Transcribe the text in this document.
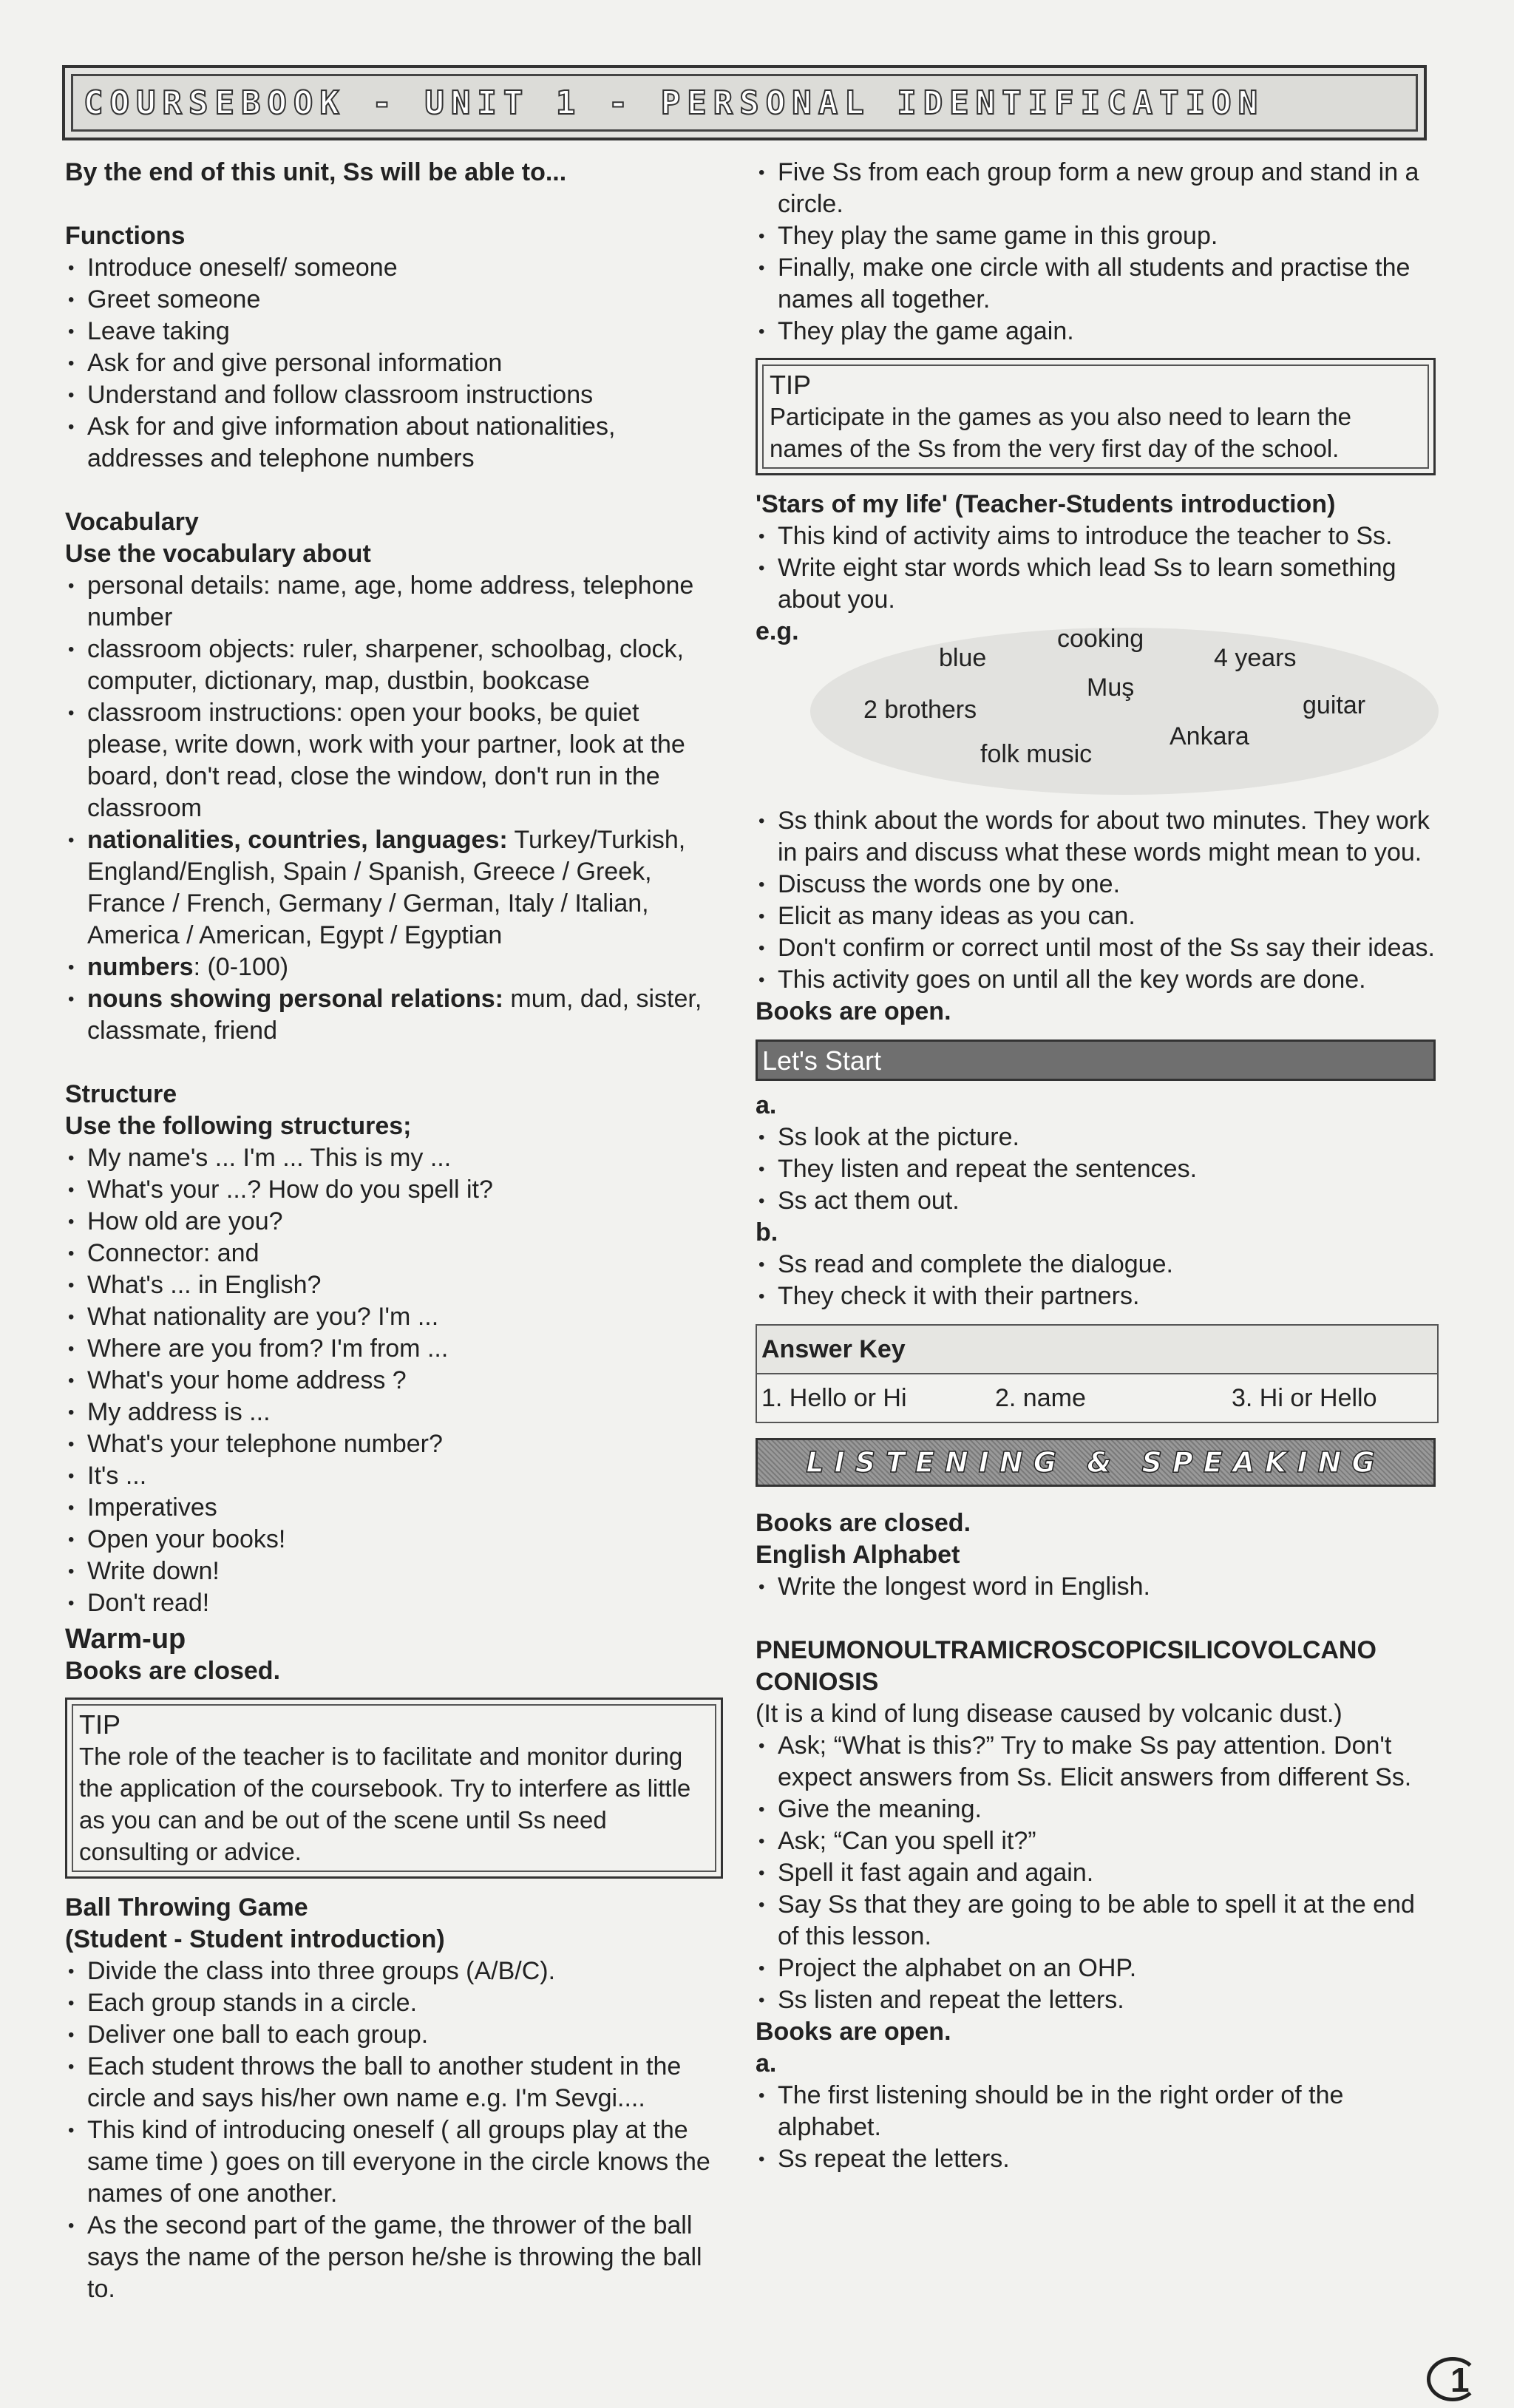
COURSEBOOK - UNIT 1 - PERSONAL IDENTIFICATION

By the end of this unit, Ss will be able to...

Functions

• Introduce oneself/ someone
• Greet someone
• Leave taking
• Ask for and give personal information
• Understand and follow classroom instructions
• Ask for and give information about nationalities, addresses and telephone numbers

Vocabulary

Use the vocabulary about

• personal details: name, age, home address, telephone number
• classroom objects: ruler, sharpener, schoolbag, clock, computer, dictionary, map, dustbin, bookcase
• classroom instructions: open your books, be quiet please, write down, work with your partner, look at the board, don't read, close the window, don't run in the classroom
• nationalities, countries, languages: Turkey/Turkish, England/English, Spain / Spanish, Greece / Greek, France / French, Germany / German, Italy / Italian, America / American, Egypt / Egyptian
• numbers: (0-100)
• nouns showing personal relations: mum, dad, sister, classmate, friend

Structure

Use the following structures;

• My name's ... I'm ... This is my ...
• What's your ...? How do you spell it?
• How old are you?
• Connector: and
• What's ... in English?
• What nationality are you? I'm ...
• Where are you from? I'm from ...
• What's your home address ?
• My address is ...
• What's your telephone number?
• It's ...
• Imperatives
• Open your books!
• Write down!
• Don't read!

Warm-up

Books are closed.

TIP

The role of the teacher is to facilitate and monitor during the application of the coursebook. Try to interfere as little as you can and be out of the scene until Ss need consulting or advice.

Ball Throwing Game

(Student - Student introduction)

• Divide the class into three groups (A/B/C).
• Each group stands in a circle.
• Deliver one ball to each group.
• Each student throws the ball to another student in the circle and says his/her own name e.g. I'm Sevgi....
• This kind of introducing oneself ( all groups play at the same time ) goes on till everyone in the circle knows the names of one another.
• As the second part of the game, the thrower of the ball says the name of the person he/she is throwing the ball to.
• Five Ss from each group form a new group and stand in a circle.
• They play the same game in this group.
• Finally, make one circle with all students and practise the names all together.
• They play the game again.

TIP

Participate in the games as you also need to learn the names of the Ss from the very first day of the school.

'Stars of my life' (Teacher-Students introduction)

• This kind of activity aims to introduce the teacher to Ss.
• Write eight star words which lead Ss to learn something about you.
e.g.	cooking
blue	4 years
Muş
guitar
2 brothers
Ankara
folk music
• Ss think about the words for about two minutes. They work in pairs and discuss what these words might mean to you.
• Discuss the words one by one.
• Elicit as many ideas as you can.
• Don't confirm or correct until most of the Ss say their ideas.
• This activity goes on until all the key words are done.

Books are open.

Let's Start

a.

• Ss look at the picture.
• They listen and repeat the sentences.
• Ss act them out.

b.

• Ss read and complete the dialogue.
• They check it with their partners.
Answer Key
1. Hello or Hi	2. name	3. Hi or Hello
LISTENING & SPEAKING

Books are closed.

English Alphabet

• Write the longest word in English.

PNEUMONOULTRAMICROSCOPICSILICOVOLCANO CONIOSIS

(It is a kind of lung disease caused by volcanic dust.)

• Ask; “What is this?” Try to make Ss pay attention. Don't expect answers from Ss. Elicit answers from different Ss.
• Give the meaning.
• Ask; “Can you spell it?”
• Spell it fast again and again.
• Say Ss that they are going to be able to spell it at the end of this lesson.
• Project the alphabet on an OHP.
• Ss listen and repeat the letters.

Books are open.

a.

• The first listening should be in the right order of the alphabet.
• Ss repeat the letters.
1
